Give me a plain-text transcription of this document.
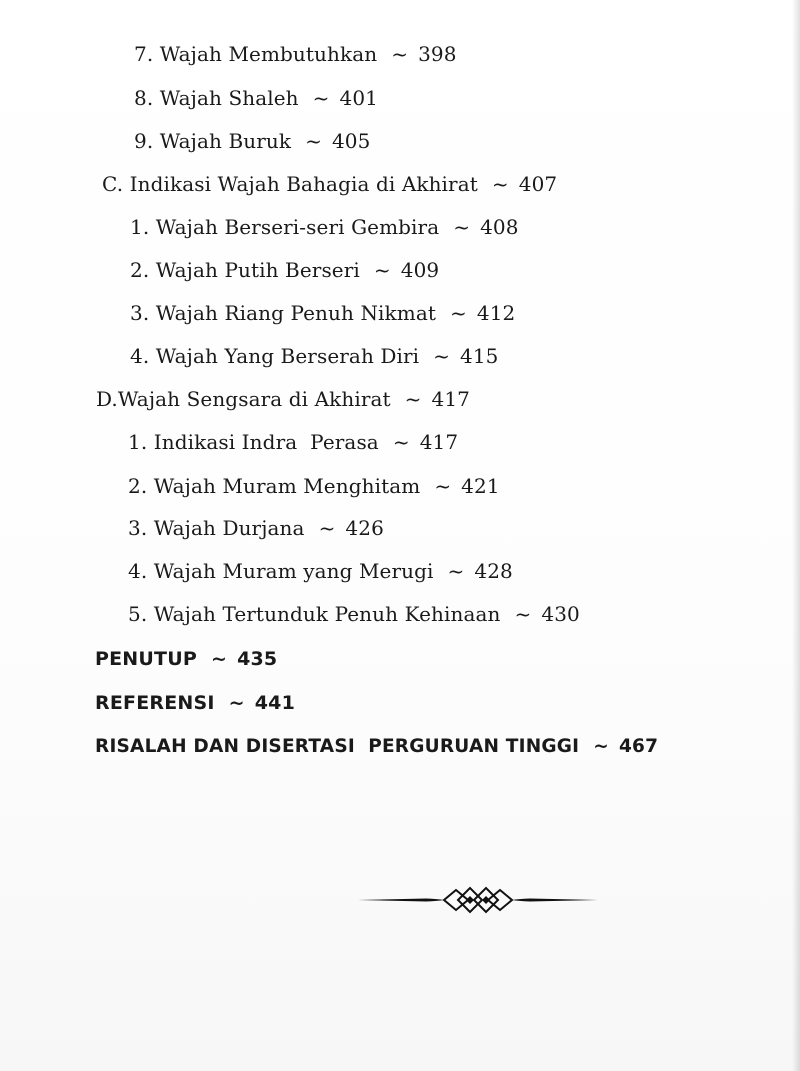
7. Wajah Membutuhkan ~ 398
8. Wajah Shaleh ~ 401
9. Wajah Buruk ~ 405
C. Indikasi Wajah Bahagia di Akhirat ~ 407
1. Wajah Berseri-seri Gembira ~ 408
2. Wajah Putih Berseri ~ 409
3. Wajah Riang Penuh Nikmat ~ 412
4. Wajah Yang Berserah Diri ~ 415
D.Wajah Sengsara di Akhirat ~ 417
1. Indikasi Indra  Perasa ~ 417
2. Wajah Muram Menghitam ~ 421
3. Wajah Durjana ~ 426
4. Wajah Muram yang Merugi ~ 428
5. Wajah Tertunduk Penuh Kehinaan ~ 430
PENUTUP ~ 435
REFERENSI ~ 441
RISALAH DAN DISERTASI  PERGURUAN TINGGI ~ 467
